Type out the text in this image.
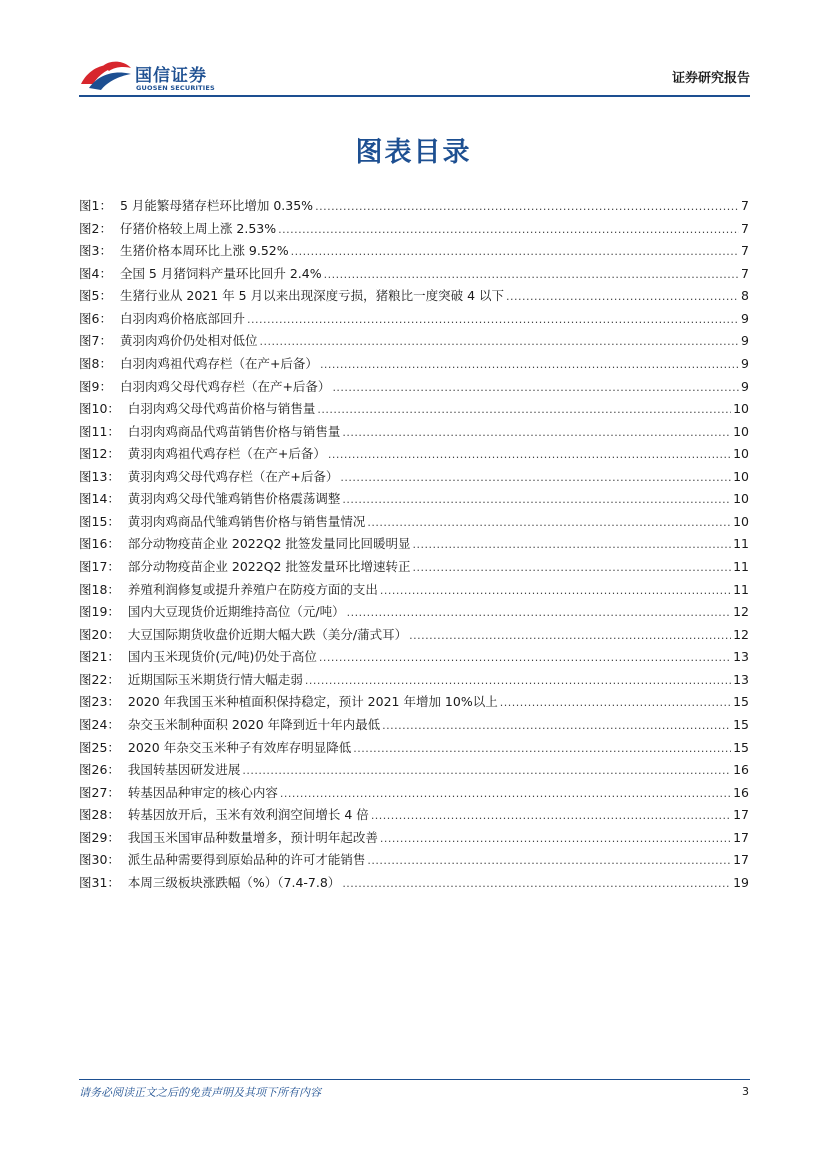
国信证券
GUOSEN SECURITIES
证券研究报告
图表目录
图1： 5 月能繁母猪存栏环比增加 0.35% .....	7
图2： 仔猪价格较上周上涨 2.53% .....	7
图3： 生猪价格本周环比上涨 9.52% .....	7
图4： 全国 5 月猪饲料产量环比回升 2.4% .....	7
图5： 生猪行业从 2021 年 5 月以来出现深度亏损，猪粮比一度突破 4 以下 .....	8
图6： 白羽肉鸡价格底部回升 .....	9
图7： 黄羽肉鸡价仍处相对低位 .....	9
图8： 白羽肉鸡祖代鸡存栏（在产+后备） .....	9
图9： 白羽肉鸡父母代鸡存栏（在产+后备） .....	9
图10： 白羽肉鸡父母代鸡苗价格与销售量 .....	10
图11： 白羽肉鸡商品代鸡苗销售价格与销售量 .....	10
图12： 黄羽肉鸡祖代鸡存栏（在产+后备） .....	10
图13： 黄羽肉鸡父母代鸡存栏（在产+后备） .....	10
图14： 黄羽肉鸡父母代雏鸡销售价格震荡调整 .....	10
图15： 黄羽肉鸡商品代雏鸡销售价格与销售量情况 .....	10
图16： 部分动物疫苗企业 2022Q2 批签发量同比回暖明显 .....	11
图17： 部分动物疫苗企业 2022Q2 批签发量环比增速转正 .....	11
图18： 养殖利润修复或提升养殖户在防疫方面的支出 .....	11
图19： 国内大豆现货价近期维持高位（元/吨） .....	12
图20： 大豆国际期货收盘价近期大幅大跌（美分/蒲式耳） .....	12
图21： 国内玉米现货价(元/吨)仍处于高位 .....	13
图22： 近期国际玉米期货行情大幅走弱 .....	13
图23： 2020 年我国玉米种植面积保持稳定，预计 2021 年增加 10%以上 .....	15
图24： 杂交玉米制种面积 2020 年降到近十年内最低 .....	15
图25： 2020 年杂交玉米种子有效库存明显降低 .....	15
图26： 我国转基因研发进展 .....	16
图27： 转基因品种审定的核心内容 .....	16
图28： 转基因放开后，玉米有效利润空间增长 4 倍 .....	17
图29： 我国玉米国审品种数量增多，预计明年起改善 .....	17
图30： 派生品种需要得到原始品种的许可才能销售 .....	17
图31： 本周三级板块涨跌幅（%）（7.4-7.8） .....	19
请务必阅读正文之后的免责声明及其项下所有内容	3
